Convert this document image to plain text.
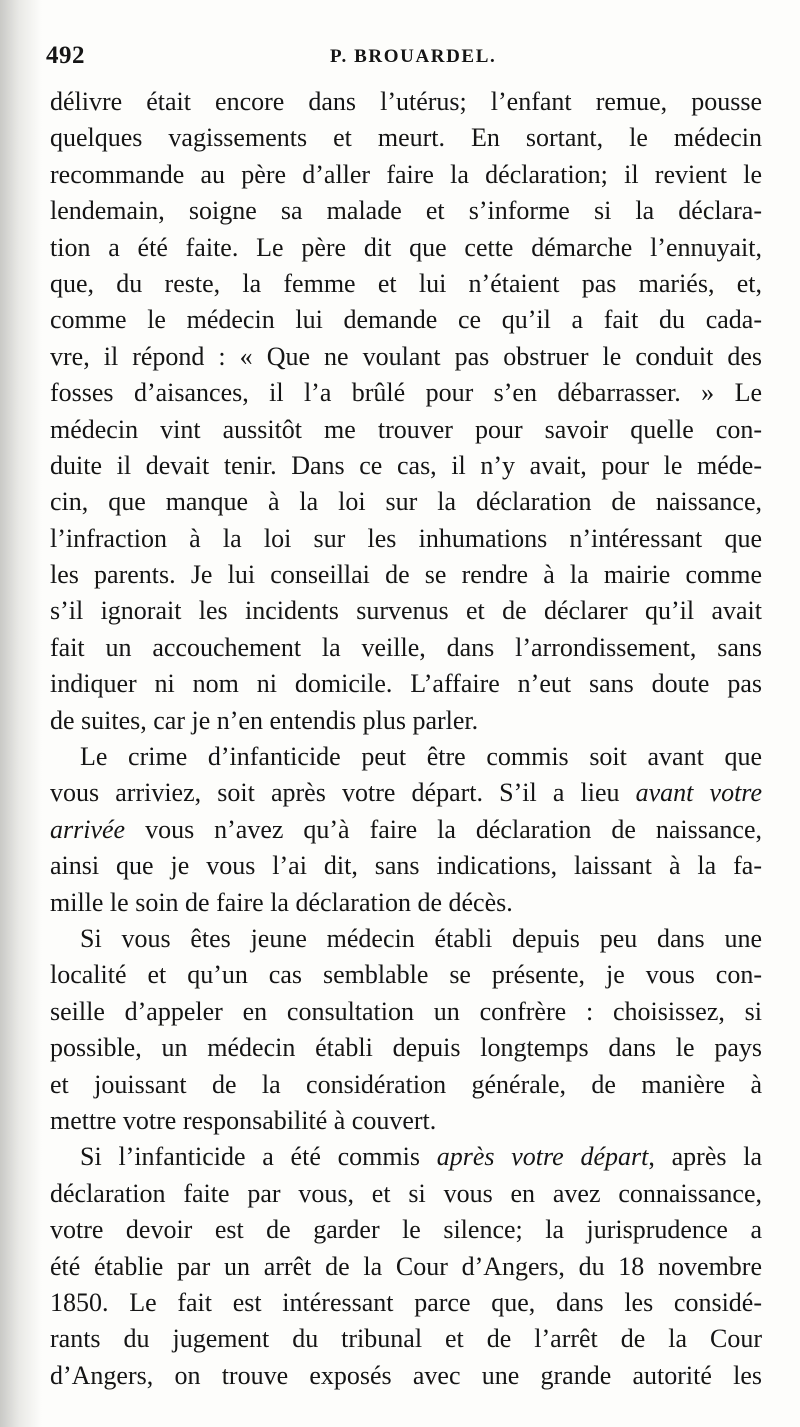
492	P. BROUARDEL.
délivre était encore dans l’utérus; l’enfant remue, pousse
quelques vagissements et meurt. En sortant, le médecin
recommande au père d’aller faire la déclaration; il revient le
lendemain, soigne sa malade et s’informe si la déclara-
tion a été faite. Le père dit que cette démarche l’ennuyait,
que, du reste, la femme et lui n’étaient pas mariés, et,
comme le médecin lui demande ce qu’il a fait du cada-
vre, il répond : « Que ne voulant pas obstruer le conduit des
fosses d’aisances, il l’a brûlé pour s’en débarrasser. » Le
médecin vint aussitôt me trouver pour savoir quelle con-
duite il devait tenir. Dans ce cas, il n’y avait, pour le méde-
cin, que manque à la loi sur la déclaration de naissance,
l’infraction à la loi sur les inhumations n’intéressant que
les parents. Je lui conseillai de se rendre à la mairie comme
s’il ignorait les incidents survenus et de déclarer qu’il avait
fait un accouchement la veille, dans l’arrondissement, sans
indiquer ni nom ni domicile. L’affaire n’eut sans doute pas
de suites, car je n’en entendis plus parler.
Le crime d’infanticide peut être commis soit avant que
vous arriviez, soit après votre départ. S’il a lieu avant votre
arrivée vous n’avez qu’à faire la déclaration de naissance,
ainsi que je vous l’ai dit, sans indications, laissant à la fa-
mille le soin de faire la déclaration de décès.
Si vous êtes jeune médecin établi depuis peu dans une
localité et qu’un cas semblable se présente, je vous con-
seille d’appeler en consultation un confrère : choisissez, si
possible, un médecin établi depuis longtemps dans le pays
et jouissant de la considération générale, de manière à
mettre votre responsabilité à couvert.
Si l’infanticide a été commis après votre départ, après la
déclaration faite par vous, et si vous en avez connaissance,
votre devoir est de garder le silence; la jurisprudence a
été établie par un arrêt de la Cour d’Angers, du 18 novembre
1850. Le fait est intéressant parce que, dans les considé-
rants du jugement du tribunal et de l’arrêt de la Cour
d’Angers, on trouve exposés avec une grande autorité les
